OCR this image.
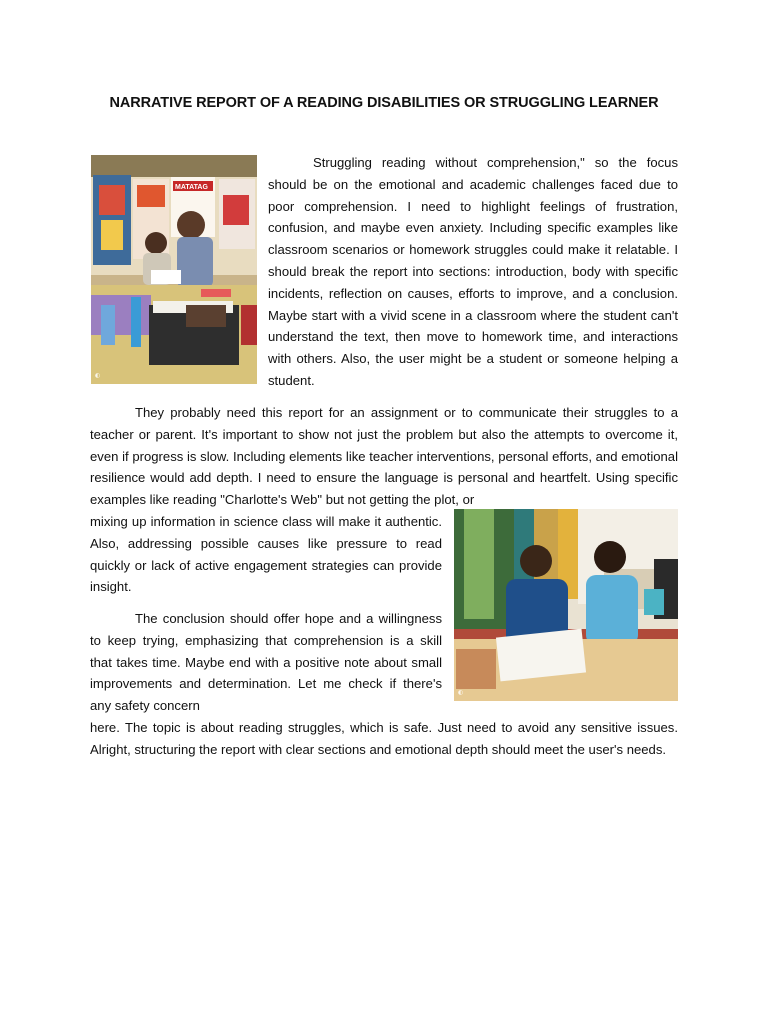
NARRATIVE REPORT OF A READING DISABILITIES OR STRUGGLING LEARNER
MATATAG
◐

Struggling reading without comprehension," so the focus should be on the emotional and academic challenges faced due to poor comprehension. I need to highlight feelings of frustration, confusion, and maybe even anxiety. Including specific examples like classroom scenarios or homework struggles could make it relatable. I should break the report into sections: introduction, body with specific incidents, reflection on causes, efforts to improve, and a conclusion. Maybe start with a vivid scene in a classroom where the student can't understand the text, then move to homework time, and interactions with others. Also, the user might be a student or someone helping a student.

They probably need this report for an assignment or to communicate their struggles to a teacher or parent. It's important to show not just the problem but also the attempts to overcome it, even if progress is slow. Including elements like teacher interventions, personal efforts, and emotional resilience would add depth. I need to ensure the language is personal and heartfelt. Using specific examples like reading "Charlotte's Web" but not getting the plot, or

◐

mixing up information in science class will make it authentic. Also, addressing possible causes like pressure to read quickly or lack of active engagement strategies can provide insight.

The conclusion should offer hope and a willingness to keep trying, emphasizing that comprehension is a skill that takes time. Maybe end with a positive note about small improvements and determination. Let me check if there's any safety concern
here. The topic is about reading struggles, which is safe. Just need to avoid any sensitive issues. Alright, structuring the report with clear sections and emotional depth should meet the user's needs.
